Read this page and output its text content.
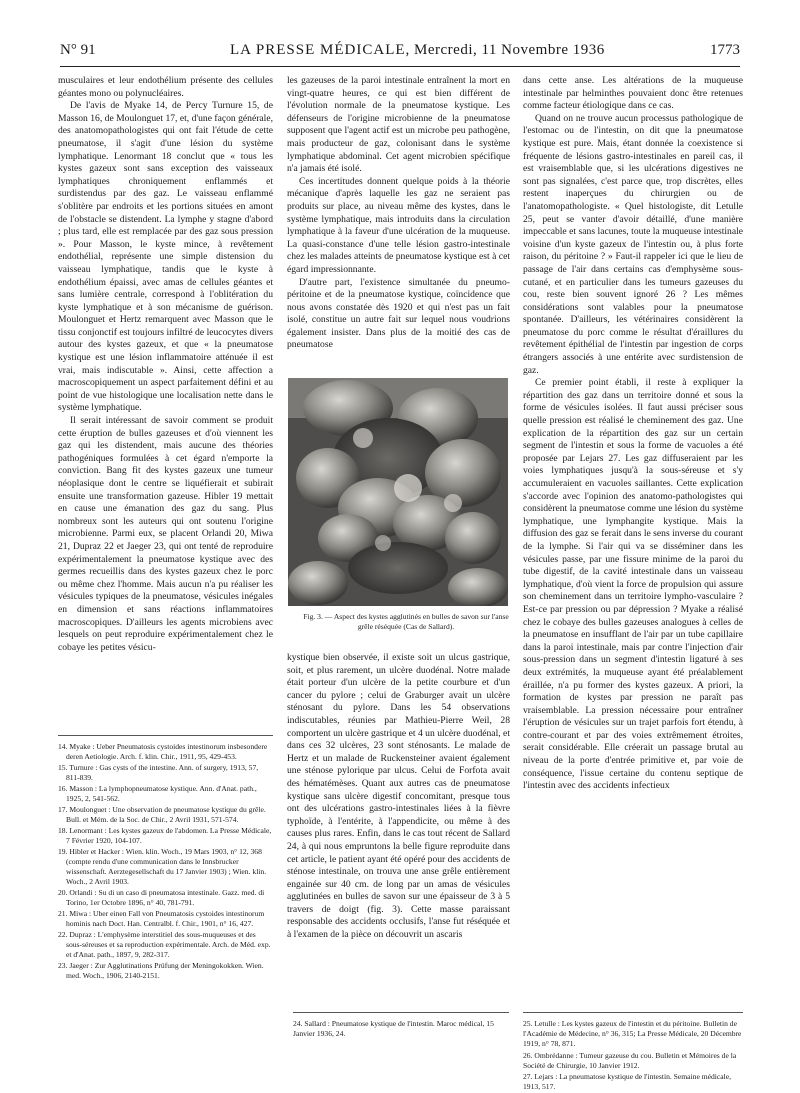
N° 91	LA PRESSE MÉDICALE, Mercredi, 11 Novembre 1936	1773

musculaires et leur endothélium présente des cellules géantes mono ou polynucléaires.

De l'avis de Myake 14, de Percy Turnure 15, de Masson 16, de Moulonguet 17, et, d'une façon générale, des anatomopathologistes qui ont fait l'étude de cette pneumatose, il s'agit d'une lésion du système lymphatique. Lenormant 18 conclut que « tous les kystes gazeux sont sans exception des vaisseaux lymphatiques chroniquement enflammés et surdistendus par des gaz. Le vaisseau enflammé s'oblitère par endroits et les portions situées en amont de l'obstacle se distendent. La lymphe y stagne d'abord ; plus tard, elle est remplacée par des gaz sous pression ». Pour Masson, le kyste mince, à revêtement endothélial, représente une simple distension du vaisseau lymphatique, tandis que le kyste à endothélium épaissi, avec amas de cellules géantes et sans lumière centrale, correspond à l'oblitération du kyste lymphatique et à son mécanisme de guérison. Moulonguet et Hertz remarquent avec Masson que le tissu conjonctif est toujours infiltré de leucocytes divers autour des kystes gazeux, et que « la pneumatose kystique est une lésion inflammatoire atténuée il est vrai, mais indiscutable ». Ainsi, cette affection a macroscopiquement un aspect parfaitement défini et au point de vue histologique une localisation nette dans le système lymphatique.

Il serait intéressant de savoir comment se produit cette éruption de bulles gazeuses et d'où viennent les gaz qui les distendent, mais aucune des théories pathogéniques formulées à cet égard n'emporte la conviction. Bang fit des kystes gazeux une tumeur néoplasique dont le centre se liquéfierait et subirait ensuite une transformation gazeuse. Hibler 19 mettait en cause une émanation des gaz du sang. Plus nombreux sont les auteurs qui ont soutenu l'origine microbienne. Parmi eux, se placent Orlandi 20, Miwa 21, Dupraz 22 et Jaeger 23, qui ont tenté de reproduire expérimentalement la pneumatose kystique avec des germes recueillis dans des kystes gazeux chez le porc ou même chez l'homme. Mais aucun n'a pu réaliser les vésicules typiques de la pneumatose, vésicules inégales en dimension et sans réactions inflammatoires macroscopiques. D'ailleurs les agents microbiens avec lesquels on peut reproduire expérimentalement chez le cobaye les petites vésicu-

les gazeuses de la paroi intestinale entraînent la mort en vingt-quatre heures, ce qui est bien différent de l'évolution normale de la pneumatose kystique. Les défenseurs de l'origine microbienne de la pneumatose supposent que l'agent actif est un microbe peu pathogène, mais producteur de gaz, colonisant dans le système lymphatique abdominal. Cet agent microbien spécifique n'a jamais été isolé.

Ces incertitudes donnent quelque poids à la théorie mécanique d'après laquelle les gaz ne seraient pas produits sur place, au niveau même des kystes, dans le système lymphatique, mais introduits dans la circulation lymphatique à la faveur d'une ulcération de la muqueuse. La quasi-constance d'une telle lésion gastro-intestinale chez les malades atteints de pneumatose kystique est à cet égard impressionnante.

D'autre part, l'existence simultanée du pneumo-péritoine et de la pneumatose kystique, coïncidence que nous avons constatée dès 1920 et qui n'est pas un fait isolé, constitue un autre fait sur lequel nous voudrions également insister. Dans plus de la moitié des cas de pneumatose

Fig. 3. — Aspect des kystes agglutinés en bulles de savon sur l'anse grêle réséquée (Cas de Sallard).

kystique bien observée, il existe soit un ulcus gastrique, soit, et plus rarement, un ulcère duodénal. Notre malade était porteur d'un ulcère de la petite courbure et d'un cancer du pylore ; celui de Graburger avait un ulcère sténosant du pylore. Dans les 54 observations indiscutables, réunies par Mathieu-Pierre Weil, 28 comportent un ulcère gastrique et 4 un ulcère duodénal, et dans ces 32 ulcères, 23 sont sténosants. Le malade de Hertz et un malade de Ruckensteiner avaient également une sténose pylorique par ulcus. Celui de Forfota avait des hématémèses. Quant aux autres cas de pneumatose kystique sans ulcère digestif concomitant, presque tous ont des ulcérations gastro-intestinales liées à la fièvre typhoïde, à l'entérite, à l'appendicite, ou même à des causes plus rares. Enfin, dans le cas tout récent de Sallard 24, à qui nous empruntons la belle figure reproduite dans cet article, le patient ayant été opéré pour des accidents de sténose intestinale, on trouva une anse grêle entièrement engainée sur 40 cm. de long par un amas de vésicules agglutinées en bulles de savon sur une épaisseur de 3 à 5 travers de doigt (fig. 3). Cette masse paraissant responsable des accidents occlusifs, l'anse fut réséquée et à l'examen de la pièce on découvrit un ascaris

dans cette anse. Les altérations de la muqueuse intestinale par helminthes pouvaient donc être retenues comme facteur étiologique dans ce cas.

Quand on ne trouve aucun processus pathologique de l'estomac ou de l'intestin, on dit que la pneumatose kystique est pure. Mais, étant donnée la coexistence si fréquente de lésions gastro-intestinales en pareil cas, il est vraisemblable que, si les ulcérations digestives ne sont pas signalées, c'est parce que, trop discrètes, elles restent inaperçues du chirurgien ou de l'anatomopathologiste. « Quel histologiste, dit Letulle 25, peut se vanter d'avoir détaillé, d'une manière impeccable et sans lacunes, toute la muqueuse intestinale voisine d'un kyste gazeux de l'intestin ou, à plus forte raison, du péritoine ? » Faut-il rappeler ici que le lieu de passage de l'air dans certains cas d'emphysème sous-cutané, et en particulier dans les tumeurs gazeuses du cou, reste bien souvent ignoré 26 ? Les mêmes considérations sont valables pour la pneumatose spontanée. D'ailleurs, les vétérinaires considèrent la pneumatose du porc comme le résultat d'éraillures du revêtement épithélial de l'intestin par ingestion de corps étrangers associés à une entérite avec surdistension de gaz.

Ce premier point établi, il reste à expliquer la répartition des gaz dans un territoire donné et sous la forme de vésicules isolées. Il faut aussi préciser sous quelle pression est réalisé le cheminement des gaz. Une explication de la répartition des gaz sur un certain segment de l'intestin et sous la forme de vacuoles a été proposée par Lejars 27. Les gaz diffuseraient par les voies lymphatiques jusqu'à la sous-séreuse et s'y accumuleraient en vacuoles saillantes. Cette explication s'accorde avec l'opinion des anatomo-pathologistes qui considèrent la pneumatose comme une lésion du système lymphatique, une lymphangite kystique. Mais la diffusion des gaz se ferait dans le sens inverse du courant de la lymphe. Si l'air qui va se disséminer dans les vésicules passe, par une fissure minime de la paroi du tube digestif, de la cavité intestinale dans un vaisseau lymphatique, d'où vient la force de propulsion qui assure son cheminement dans un territoire lympho-vasculaire ? Est-ce par pression ou par dépression ? Myake a réalisé chez le cobaye des bulles gazeuses analogues à celles de la pneumatose en insufflant de l'air par un tube capillaire dans la paroi intestinale, mais par contre l'injection d'air sous-pression dans un segment d'intestin ligaturé à ses deux extrémités, la muqueuse ayant été préalablement éraillée, n'a pu former des kystes gazeux. A priori, la formation de kystes par pression ne paraît pas vraisemblable. La pression nécessaire pour entraîner l'éruption de vésicules sur un trajet parfois fort étendu, à contre-courant et par des voies extrêmement étroites, serait considérable. Elle créerait un passage brutal au niveau de la porte d'entrée primitive et, par voie de conséquence, l'issue certaine du contenu septique de l'intestin avec des accidents infectieux

14. Myake : Ueber Pneumatosis cystoides intestinorum insbesondere deren Aetiologie. Arch. f. klin. Chir., 1911, 95, 429-453.
15. Turnure : Gas cysts of the intestine. Ann. of surgery, 1913, 57, 811-839.
16. Masson : La lymphopneumatose kystique. Ann. d'Anat. path., 1925, 2, 541-562.
17. Moulonguet : Une observation de pneumatose kystique du grêle. Bull. et Mém. de la Soc. de Chir., 2 Avril 1931, 571-574.
18. Lenormant : Les kystes gazeux de l'abdomen. La Presse Médicale, 7 Février 1920, 104-107.
19. Hibler et Hacker : Wien. klin. Woch., 19 Mars 1903, n° 12, 368 (compte rendu d'une communication dans le Innsbrucker wissenschaft. Aerztegesellschaft du 17 Janvier 1903) ; Wien. klin. Woch., 2 Avril 1903.
20. Orlandi : Su di un caso di pneumatosa intestinale. Gazz. med. di Torino, 1er Octobre 1896, n° 40, 781-791.
21. Miwa : Uber einen Fall von Pneumatosis cystoides intestinorum hominis nach Doct. Han. Centralbl. f. Chir., 1901, n° 16, 427.
22. Dupraz : L'emphysème interstitiel des sous-muqueuses et des sous-séreuses et sa reproduction expérimentale. Arch. de Méd. exp. et d'Anat. path., 1897, 9, 282-317.
23. Jaeger : Zur Agglutinations Prüfung der Meningokokken. Wien. med. Woch., 1906, 2140-2151.
24. Sallard : Pneumatose kystique de l'intestin. Maroc médical, 15 Janvier 1936, 24.
25. Letulle : Les kystes gazeux de l'intestin et du péritoine. Bulletin de l'Académie de Médecine, n° 36, 315; La Presse Médicale, 20 Décembre 1919, n° 78, 871.
26. Ombrédanne : Tumeur gazeuse du cou. Bulletin et Mémoires de la Société de Chirurgie, 10 Janvier 1912.
27. Lejars : La pneumatose kystique de l'intestin. Semaine médicale, 1913, 517.
